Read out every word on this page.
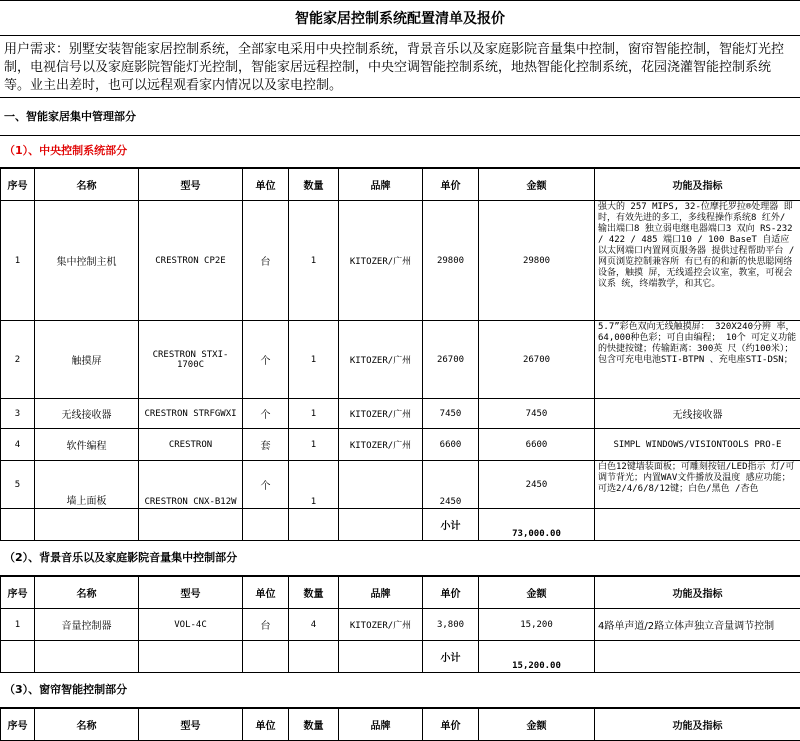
智能家居控制系统配置清单及报价
用户需求：别墅安装智能家居控制系统，全部家电采用中央控制系统，背景音乐以及家庭影院音量集中控制，窗帘智能控制，智能灯光控制，电视信号以及家庭影院智能灯光控制，智能家居远程控制，中央空调智能控制系统，地热智能化控制系统，花园浇灌智能控制系统等。业主出差时，也可以远程观看家内情况以及家电控制。
一、智能家居集中管理部分
（1）、中央控制系统部分
序号	名称	型号	单位	数量	品牌	单价	金额	功能及指标
1	集中控制主机	CRESTRON CP2E	台	1	KITOZER/广州	29800	29800	强大的 257 MIPS, 32-位摩托罗拉®处理器 即时，有效先进的多工，多线程操作系统8 红外/ 输出端口8 独立弱电继电器端口3 双向 RS-232 / 422 / 485 端口10 / 100 BaseT 自适应以太网端口内置网页服务器 提供过程帮助平台 / 网页浏览控制兼容所 有已有的和新的快思聪网络设备，触摸 屏，无线遥控会议室，教室，可视会议系 统，终端教学，和其它。
2	触摸屏	CRESTRON STXI-1700C	个	1	KITOZER/广州	26700	26700	5.7”彩色双向无线触摸屏： 320X240分辨 率， 64,000种色彩；可自由编程； 10个 可定义功能的快捷按键；传输距离：300英 尺（约100米）；包含可充电电池STI-BTPN 、充电座STI-DSN；
3	无线接收器	CRESTRON STRFGWXI	个	1	KITOZER/广州	7450	7450	无线接收器
4	软件编程	CRESTRON	套	1	KITOZER/广州	6600	6600	SIMPL WINDOWS/VISIONTOOLS PRO-E
5	墙上面板	CRESTRON CNX-B12W	个	1		2450	2450	白色12键墙装面板；可雕刻按钮/LED指示 灯/可调节背光；内置WAV文件播放及温度 感应功能；可选2/4/6/8/12键；白色/黑色 /杏色
						小计	73,000.00	
（2）、背景音乐以及家庭影院音量集中控制部分
序号	名称	型号	单位	数量	品牌	单价	金额	功能及指标
1	音量控制器	VOL-4C	台	4	KITOZER/广州	3,800	15,200	4路单声道/2路立体声独立音量调节控制
						小计	15,200.00	
（3）、窗帘智能控制部分
序号	名称	型号	单位	数量	品牌	单价	金额	功能及指标
